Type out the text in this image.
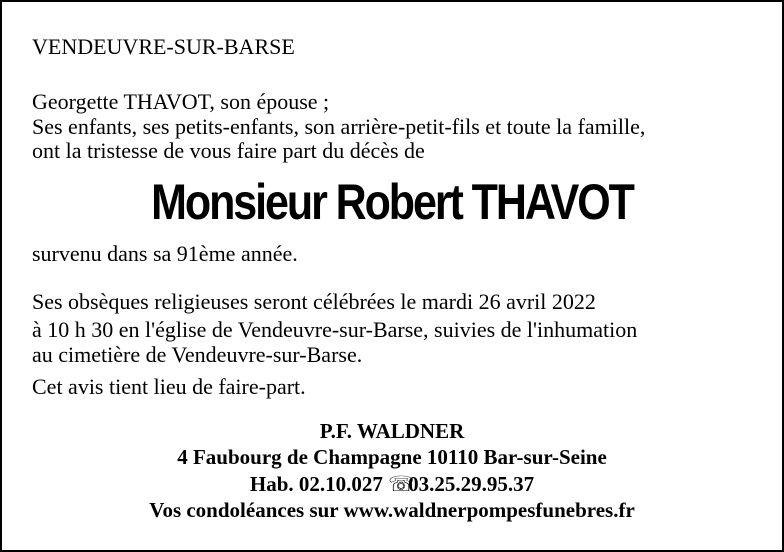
VENDEUVRE-SUR-BARSE
Georgette THAVOT, son épouse ;
Ses enfants, ses petits-enfants, son arrière-petit-fils et toute la famille,
ont la tristesse de vous faire part du décès de
Monsieur Robert THAVOT
survenu dans sa 91ème année.
Ses obsèques religieuses seront célébrées le mardi 26 avril 2022
à 10 h 30 en l'église de Vendeuvre-sur-Barse, suivies de l'inhumation
au cimetière de Vendeuvre-sur-Barse.
Cet avis tient lieu de faire-part.
P.F. WALDNER
4 Faubourg de Champagne 10110 Bar-sur-Seine
Hab. 02.10.027 ☏03.25.29.95.37
Vos condoléances sur www.waldnerpompesfunebres.fr
